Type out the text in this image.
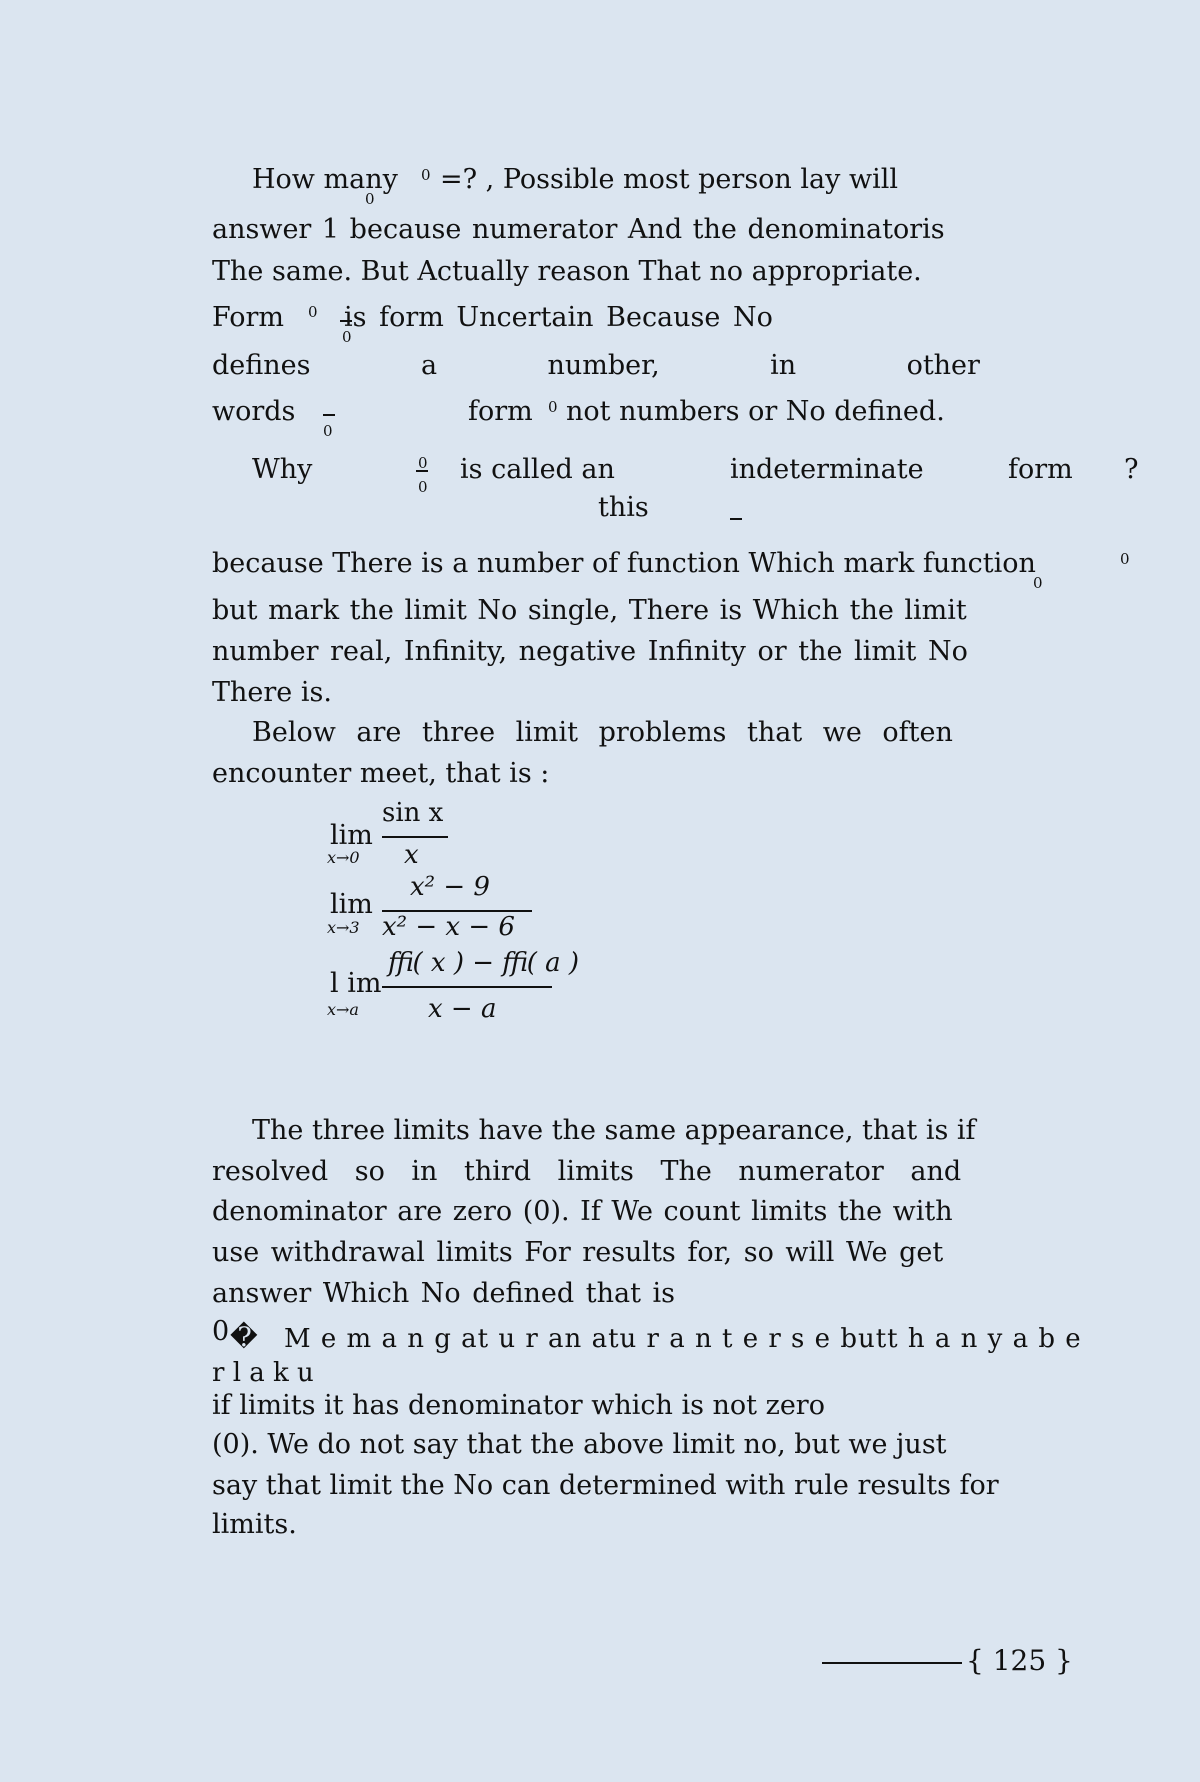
How many 0
0
=? , Possible most person lay will
answer 1 because numerator And the denominatoris
The same. But Actually reason That no appropriate.
Form 0
0
is form Uncertain Because No
defines	a	number,	in	other
words
0
form 0 not numbers or No defined.
Why	0
0
is called an	indeterminate	form ?
this
because There is a number of function Which mark function	0
0
but mark the limit No single, There is Which the limit
number real, Infinity, negative Infinity or the limit No
There is.
Below are three limit problems that we often
encounter meet, that is :
lim
x→0
sin x
x
lim
x→3
x² − 9
x² − x − 6
l im
x→a
ﬃ( x ) − ﬃ( a )
x − a
The three limits have the same appearance, that is if
resolved so in third limits The numerator and
denominator are zero (0). If We count limits the with
use withdrawal limits For results for, so will We get
answer Which No defined that is
0 � M e m a n g at u r an atu r a n t e r s e butt h a n y a b e
r l a k u
if limits it has denominator which is not zero
(0). We do not say that the above limit no, but we just
say that limit the No can determined with rule results for
limits.
{ 125 }
